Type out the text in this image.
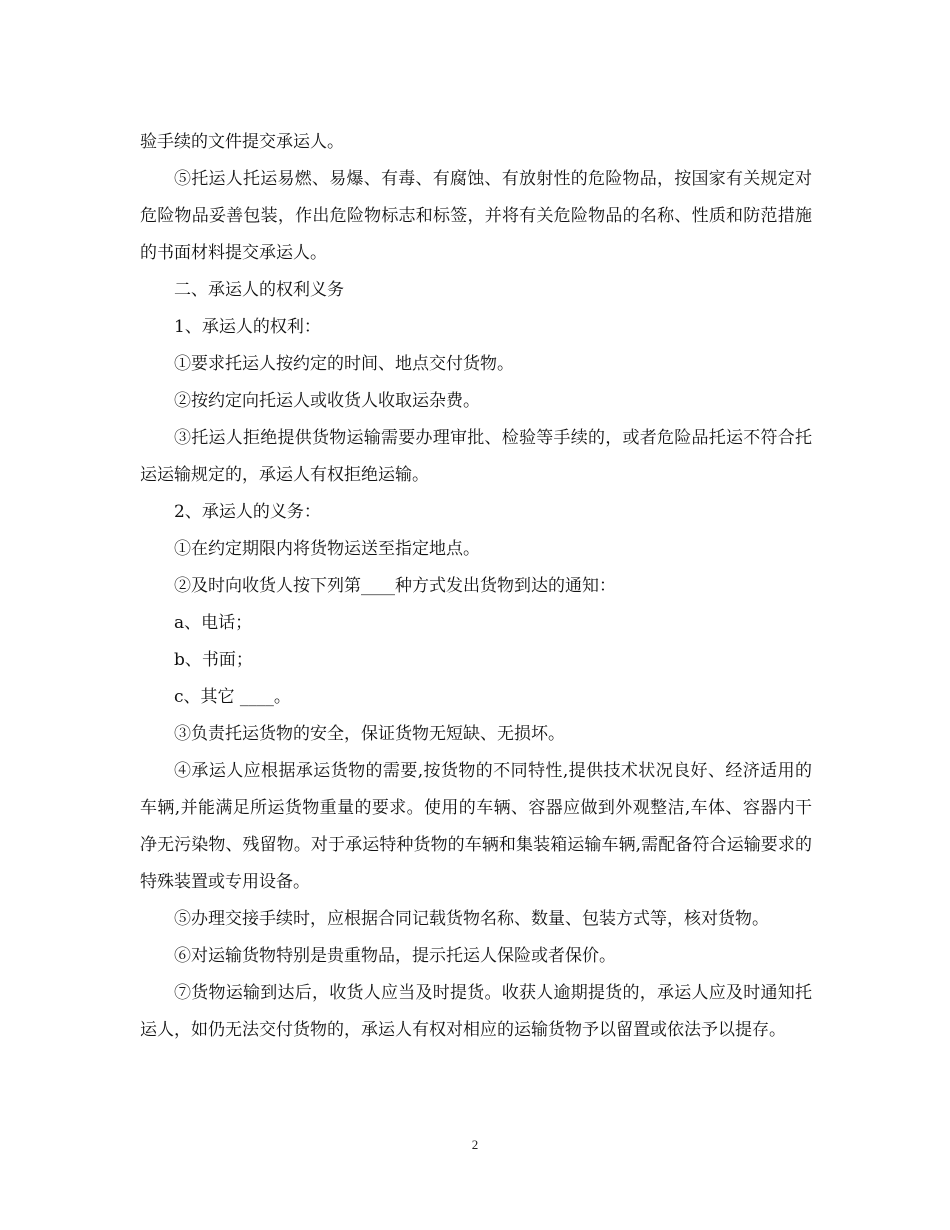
验手续的文件提交承运人。

⑤托运人托运易燃、易爆、有毒、有腐蚀、有放射性的危险物品，按国家有关规定对危险物品妥善包装，作出危险物标志和标签，并将有关危险物品的名称、性质和防范措施的书面材料提交承运人。

二、承运人的权利义务

1、承运人的权利：

①要求托运人按约定的时间、地点交付货物。

②按约定向托运人或收货人收取运杂费。

③托运人拒绝提供货物运输需要办理审批、检验等手续的，或者危险品托运不符合托运运输规定的，承运人有权拒绝运输。

2、承运人的义务：

①在约定期限内将货物运送至指定地点。

②及时向收货人按下列第____种方式发出货物到达的通知：

a、电话；

b、书面；

c、其它 ____。

③负责托运货物的安全，保证货物无短缺、无损坏。

④承运人应根据承运货物的需要,按货物的不同特性,提供技术状况良好、经济适用的车辆,并能满足所运货物重量的要求。使用的车辆、容器应做到外观整洁,车体、容器内干净无污染物、残留物。对于承运特种货物的车辆和集装箱运输车辆,需配备符合运输要求的特殊装置或专用设备。

⑤办理交接手续时，应根据合同记载货物名称、数量、包装方式等，核对货物。

⑥对运输货物特别是贵重物品，提示托运人保险或者保价。

⑦货物运输到达后，收货人应当及时提货。收获人逾期提货的，承运人应及时通知托运人，如仍无法交付货物的，承运人有权对相应的运输货物予以留置或依法予以提存。

2
